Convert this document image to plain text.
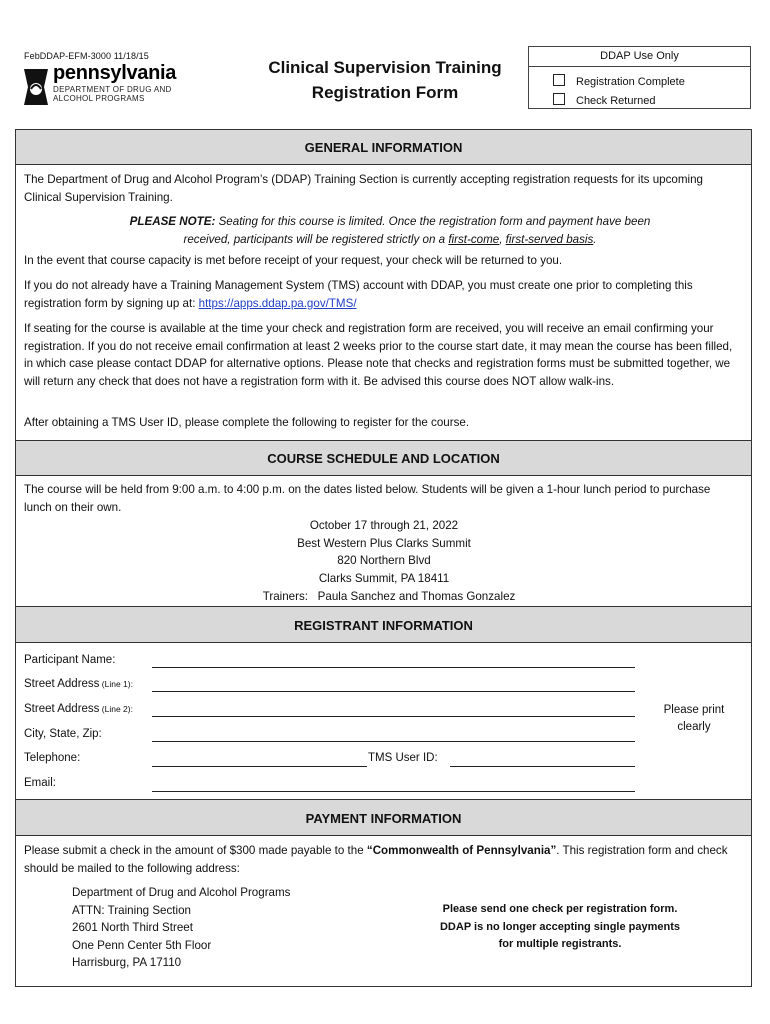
FebDDAP-EFM-3000 11/18/15
pennsylvania
DEPARTMENT OF DRUG AND
ALCOHOL PROGRAMS
Clinical Supervision Training
Registration Form
DDAP Use Only
Registration Complete
Check Returned
GENERAL INFORMATION
The Department of Drug and Alcohol Program’s (DDAP) Training Section is currently accepting registration requests for its upcoming Clinical Supervision Training.
PLEASE NOTE: Seating for this course is limited. Once the registration form and payment have been received, participants will be registered strictly on a first-come, first-served basis.
In the event that course capacity is met before receipt of your request, your check will be returned to you.
If you do not already have a Training Management System (TMS) account with DDAP, you must create one prior to completing this registration form by signing up at: https://apps.ddap.pa.gov/TMS/
If seating for the course is available at the time your check and registration form are received, you will receive an email confirming your registration. If you do not receive email confirmation at least 2 weeks prior to the course start date, it may mean the course has been filled, in which case please contact DDAP for alternative options. Please note that checks and registration forms must be submitted together, we will return any check that does not have a registration form with it. Be advised this course does NOT allow walk-ins.
After obtaining a TMS User ID, please complete the following to register for the course.
COURSE SCHEDULE AND LOCATION
The course will be held from 9:00 a.m. to 4:00 p.m. on the dates listed below. Students will be given a 1-hour lunch period to purchase lunch on their own.
October 17 through 21, 2022
Best Western Plus Clarks Summit
820 Northern Blvd
Clarks Summit, PA 18411
Trainers:   Paula Sanchez and Thomas Gonzalez
REGISTRANT INFORMATION
Participant Name:
Street Address (Line 1):
Street Address (Line 2):
City, State, Zip:
Telephone:	TMS User ID:
Email:
Please print
clearly
PAYMENT INFORMATION
Please submit a check in the amount of $300 made payable to the “Commonwealth of Pennsylvania”. This registration form and check should be mailed to the following address:
Department of Drug and Alcohol Programs
ATTN: Training Section
2601 North Third Street
One Penn Center 5th Floor
Harrisburg, PA 17110
Please send one check per registration form.
DDAP is no longer accepting single payments
for multiple registrants.
